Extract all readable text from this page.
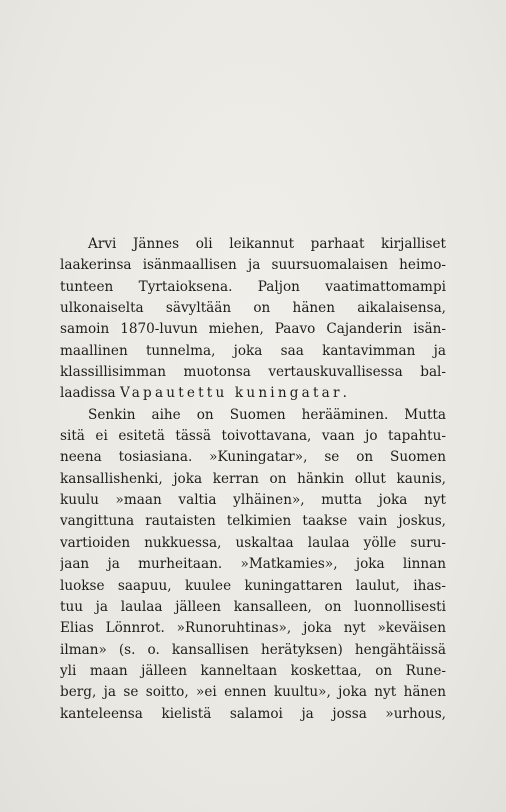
Arvi Jännes oli leikannut parhaat kirjalliset
laakerinsa isänmaallisen ja suursuomalaisen heimo-
tunteen Tyrtaioksena. Paljon vaatimattomampi
ulkonaiselta sävyltään on hänen aikalaisensa,
samoin 1870-luvun miehen, Paavo Cajanderin isän-
maallinen tunnelma, joka saa kantavimman ja
klassillisimman muotonsa vertauskuvallisessa bal-
laadissa Vapautettu kuningatar.
Senkin aihe on Suomen herääminen. Mutta
sitä ei esitetä tässä toivottavana, vaan jo tapahtu-
neena tosiasiana. »Kuningatar», se on Suomen
kansallishenki, joka kerran on hänkin ollut kaunis,
kuulu »maan valtia ylhäinen», mutta joka nyt
vangittuna rautaisten telkimien taakse vain joskus,
vartioiden nukkuessa, uskaltaa laulaa yölle suru-
jaan ja murheitaan. »Matkamies», joka linnan
luokse saapuu, kuulee kuningattaren laulut, ihas-
tuu ja laulaa jälleen kansalleen, on luonnollisesti
Elias Lönnrot. »Runoruhtinas», joka nyt »keväisen
ilman» (s. o. kansallisen herätyksen) hengähtäissä
yli maan jälleen kanneltaan koskettaa, on Rune-
berg, ja se soitto, »ei ennen kuultu», joka nyt hänen
kanteleensa kielistä salamoi ja jossa »urhous,
